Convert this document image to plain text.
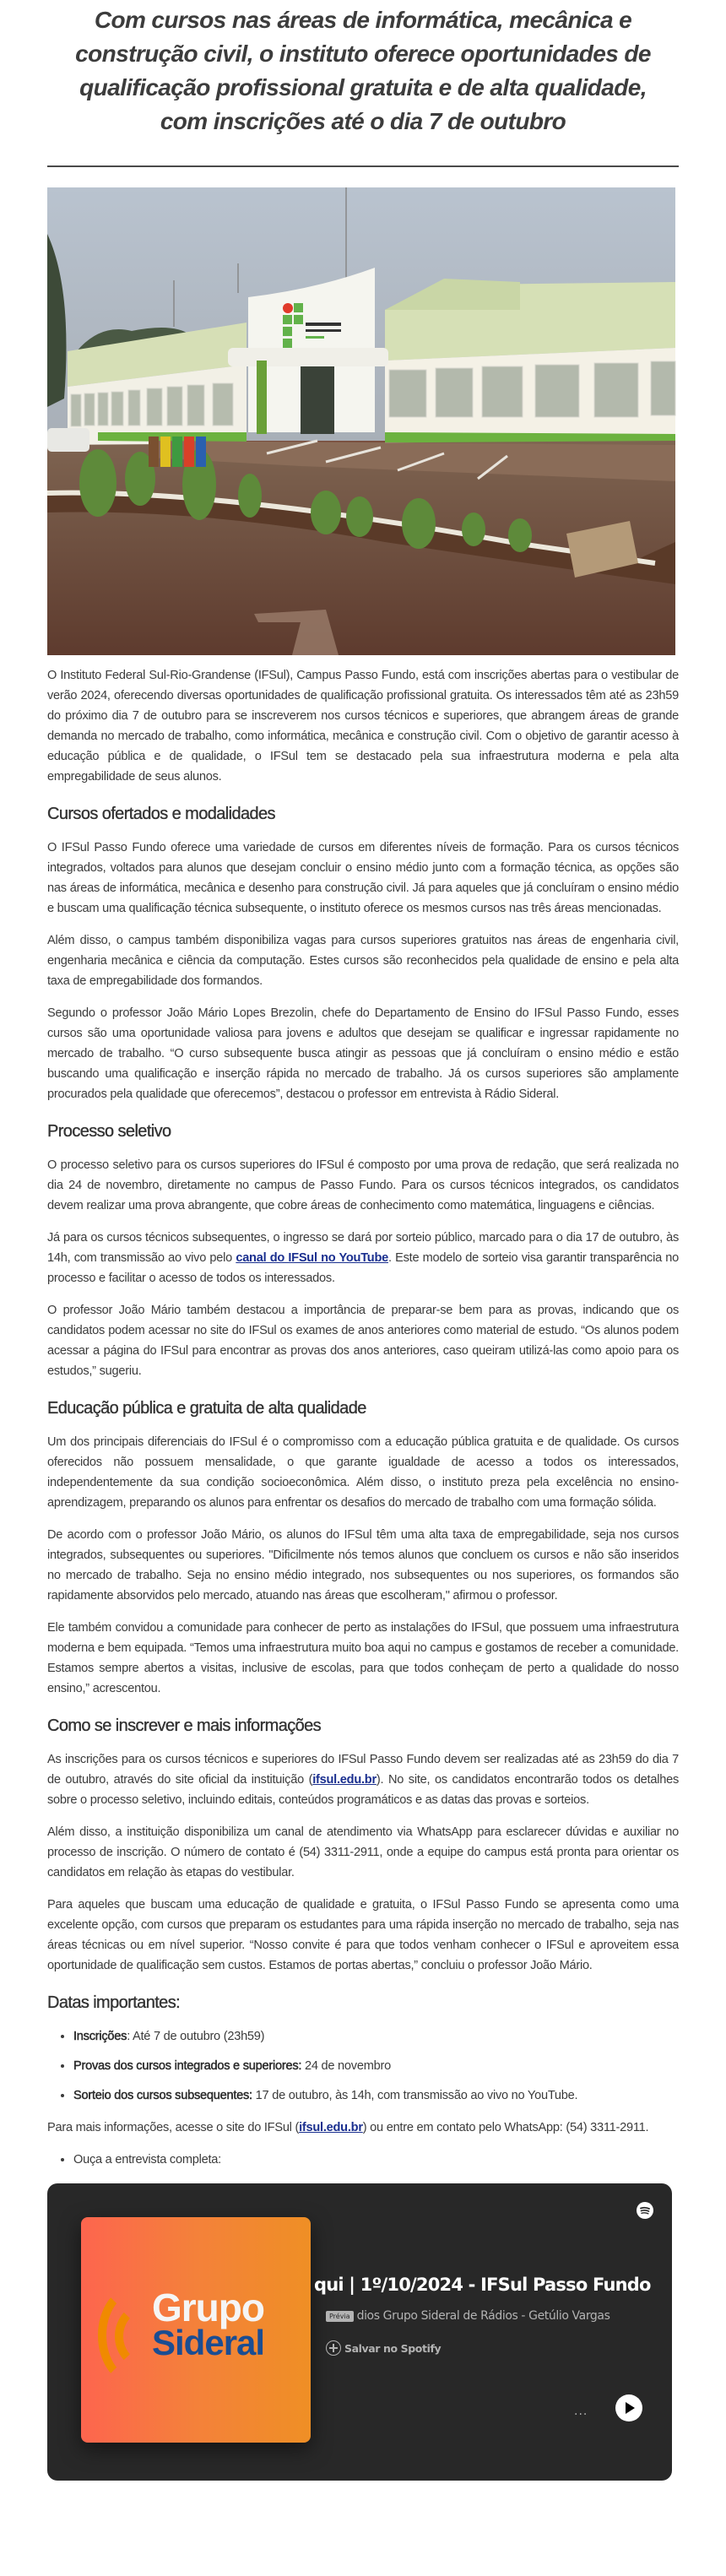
Com cursos nas áreas de informática, mecânica e construção civil, o instituto oferece oportunidades de qualificação profissional gratuita e de alta qualidade, com inscrições até o dia 7 de outubro

O Instituto Federal Sul-Rio-Grandense (IFSul), Campus Passo Fundo, está com inscrições abertas para o vestibular de verão 2024, oferecendo diversas oportunidades de qualificação profissional gratuita. Os interessados têm até as 23h59 do próximo dia 7 de outubro para se inscreverem nos cursos técnicos e superiores, que abrangem áreas de grande demanda no mercado de trabalho, como informática, mecânica e construção civil. Com o objetivo de garantir acesso à educação pública e de qualidade, o IFSul tem se destacado pela sua infraestrutura moderna e pela alta empregabilidade de seus alunos.

Cursos ofertados e modalidades

O IFSul Passo Fundo oferece uma variedade de cursos em diferentes níveis de formação. Para os cursos técnicos integrados, voltados para alunos que desejam concluir o ensino médio junto com a formação técnica, as opções são nas áreas de informática, mecânica e desenho para construção civil. Já para aqueles que já concluíram o ensino médio e buscam uma qualificação técnica subsequente, o instituto oferece os mesmos cursos nas três áreas mencionadas.

Além disso, o campus também disponibiliza vagas para cursos superiores gratuitos nas áreas de engenharia civil, engenharia mecânica e ciência da computação. Estes cursos são reconhecidos pela qualidade de ensino e pela alta taxa de empregabilidade dos formandos.

Segundo o professor João Mário Lopes Brezolin, chefe do Departamento de Ensino do IFSul Passo Fundo, esses cursos são uma oportunidade valiosa para jovens e adultos que desejam se qualificar e ingressar rapidamente no mercado de trabalho. “O curso subsequente busca atingir as pessoas que já concluíram o ensino médio e estão buscando uma qualificação e inserção rápida no mercado de trabalho. Já os cursos superiores são amplamente procurados pela qualidade que oferecemos”, destacou o professor em entrevista à Rádio Sideral.

Processo seletivo

O processo seletivo para os cursos superiores do IFSul é composto por uma prova de redação, que será realizada no dia 24 de novembro, diretamente no campus de Passo Fundo. Para os cursos técnicos integrados, os candidatos devem realizar uma prova abrangente, que cobre áreas de conhecimento como matemática, linguagens e ciências.

Já para os cursos técnicos subsequentes, o ingresso se dará por sorteio público, marcado para o dia 17 de outubro, às 14h, com transmissão ao vivo pelo canal do IFSul no YouTube. Este modelo de sorteio visa garantir transparência no processo e facilitar o acesso de todos os interessados.

O professor João Mário também destacou a importância de preparar-se bem para as provas, indicando que os candidatos podem acessar no site do IFSul os exames de anos anteriores como material de estudo. “Os alunos podem acessar a página do IFSul para encontrar as provas dos anos anteriores, caso queiram utilizá-las como apoio para os estudos,” sugeriu.

Educação pública e gratuita de alta qualidade

Um dos principais diferenciais do IFSul é o compromisso com a educação pública gratuita e de qualidade. Os cursos oferecidos não possuem mensalidade, o que garante igualdade de acesso a todos os interessados, independentemente da sua condição socioeconômica. Além disso, o instituto preza pela excelência no ensino-aprendizagem, preparando os alunos para enfrentar os desafios do mercado de trabalho com uma formação sólida.

De acordo com o professor João Mário, os alunos do IFSul têm uma alta taxa de empregabilidade, seja nos cursos integrados, subsequentes ou superiores. "Dificilmente nós temos alunos que concluem os cursos e não são inseridos no mercado de trabalho. Seja no ensino médio integrado, nos subsequentes ou nos superiores, os formandos são rapidamente absorvidos pelo mercado, atuando nas áreas que escolheram," afirmou o professor.

Ele também convidou a comunidade para conhecer de perto as instalações do IFSul, que possuem uma infraestrutura moderna e bem equipada. “Temos uma infraestrutura muito boa aqui no campus e gostamos de receber a comunidade. Estamos sempre abertos a visitas, inclusive de escolas, para que todos conheçam de perto a qualidade do nosso ensino,” acrescentou.

Como se inscrever e mais informações

As inscrições para os cursos técnicos e superiores do IFSul Passo Fundo devem ser realizadas até as 23h59 do dia 7 de outubro, através do site oficial da instituição (ifsul.edu.br). No site, os candidatos encontrarão todos os detalhes sobre o processo seletivo, incluindo editais, conteúdos programáticos e as datas das provas e sorteios.

Além disso, a instituição disponibiliza um canal de atendimento via WhatsApp para esclarecer dúvidas e auxiliar no processo de inscrição. O número de contato é (54) 3311-2911, onde a equipe do campus está pronta para orientar os candidatos em relação às etapas do vestibular.

Para aqueles que buscam uma educação de qualidade e gratuita, o IFSul Passo Fundo se apresenta como uma excelente opção, com cursos que preparam os estudantes para uma rápida inserção no mercado de trabalho, seja nas áreas técnicas ou em nível superior. “Nosso convite é para que todos venham conhecer o IFSul e aproveitem essa oportunidade de qualificação sem custos. Estamos de portas abertas,” concluiu o professor João Mário.

Datas importantes:
• Inscrições: Até 7 de outubro (23h59)
• Provas dos cursos integrados e superiores: 24 de novembro
• Sorteio dos cursos subsequentes: 17 de outubro, às 14h, com transmissão ao vivo no YouTube.

Para mais informações, acesse o site do IFSul (ifsul.edu.br) ou entre em contato pelo WhatsApp: (54) 3311-2911.

• Ouça a entrevista completa:
Grupo
Sideral
qui | 1º/10/2024 - IFSul Passo Fundo
Prévia dios Grupo Sideral de Rádios - Getúlio Vargas
Salvar no Spotify
...
